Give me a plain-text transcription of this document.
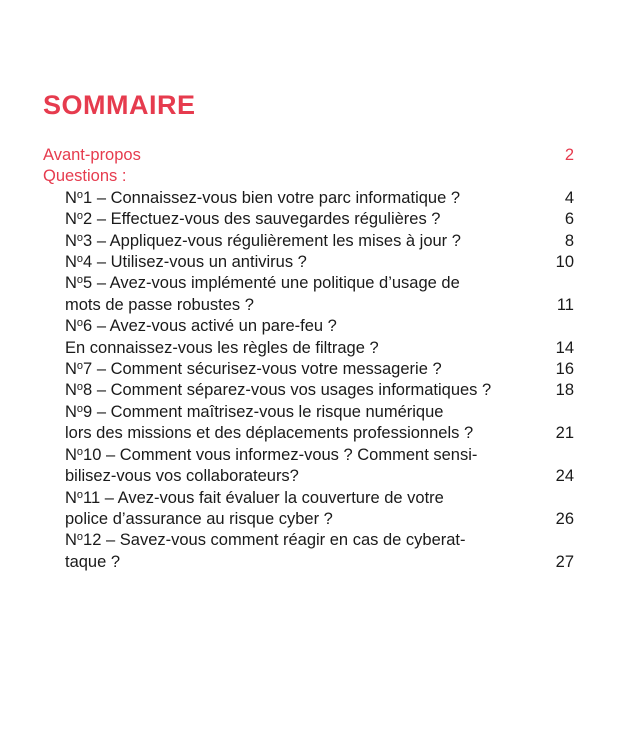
SOMMAIRE
Avant-propos	2
Questions :
$N^o1$ – Connaissez-vous bien votre parc informatique ?	4
$N^o2$ – Effectuez-vous des sauvegardes régulières ?	6
$N^o3$ – Appliquez-vous régulièrement les mises à jour ?	8
$N^o4$ – Utilisez-vous un antivirus ?	10
$N^o5$ – Avez-vous implémenté une politique d’usage de
mots de passe robustes ?	11
$N^o6$ – Avez-vous activé un pare-feu ?
En connaissez-vous les règles de filtrage ?	14
$N^o7$ – Comment sécurisez-vous votre messagerie ?	16
$N^o8$ – Comment séparez-vous vos usages informatiques ?	18
$N^o9$ – Comment maîtrisez-vous le risque numérique
lors des missions et des déplacements professionnels ?	21
$N^o10$ – Comment vous informez-vous ? Comment sensi-
bilisez-vous vos collaborateurs?	24
$N^o11$ – Avez-vous fait évaluer la couverture de votre
police d’assurance au risque cyber ?	26
$N^o12$ – Savez-vous comment réagir en cas de cyberat-
taque ?	27
